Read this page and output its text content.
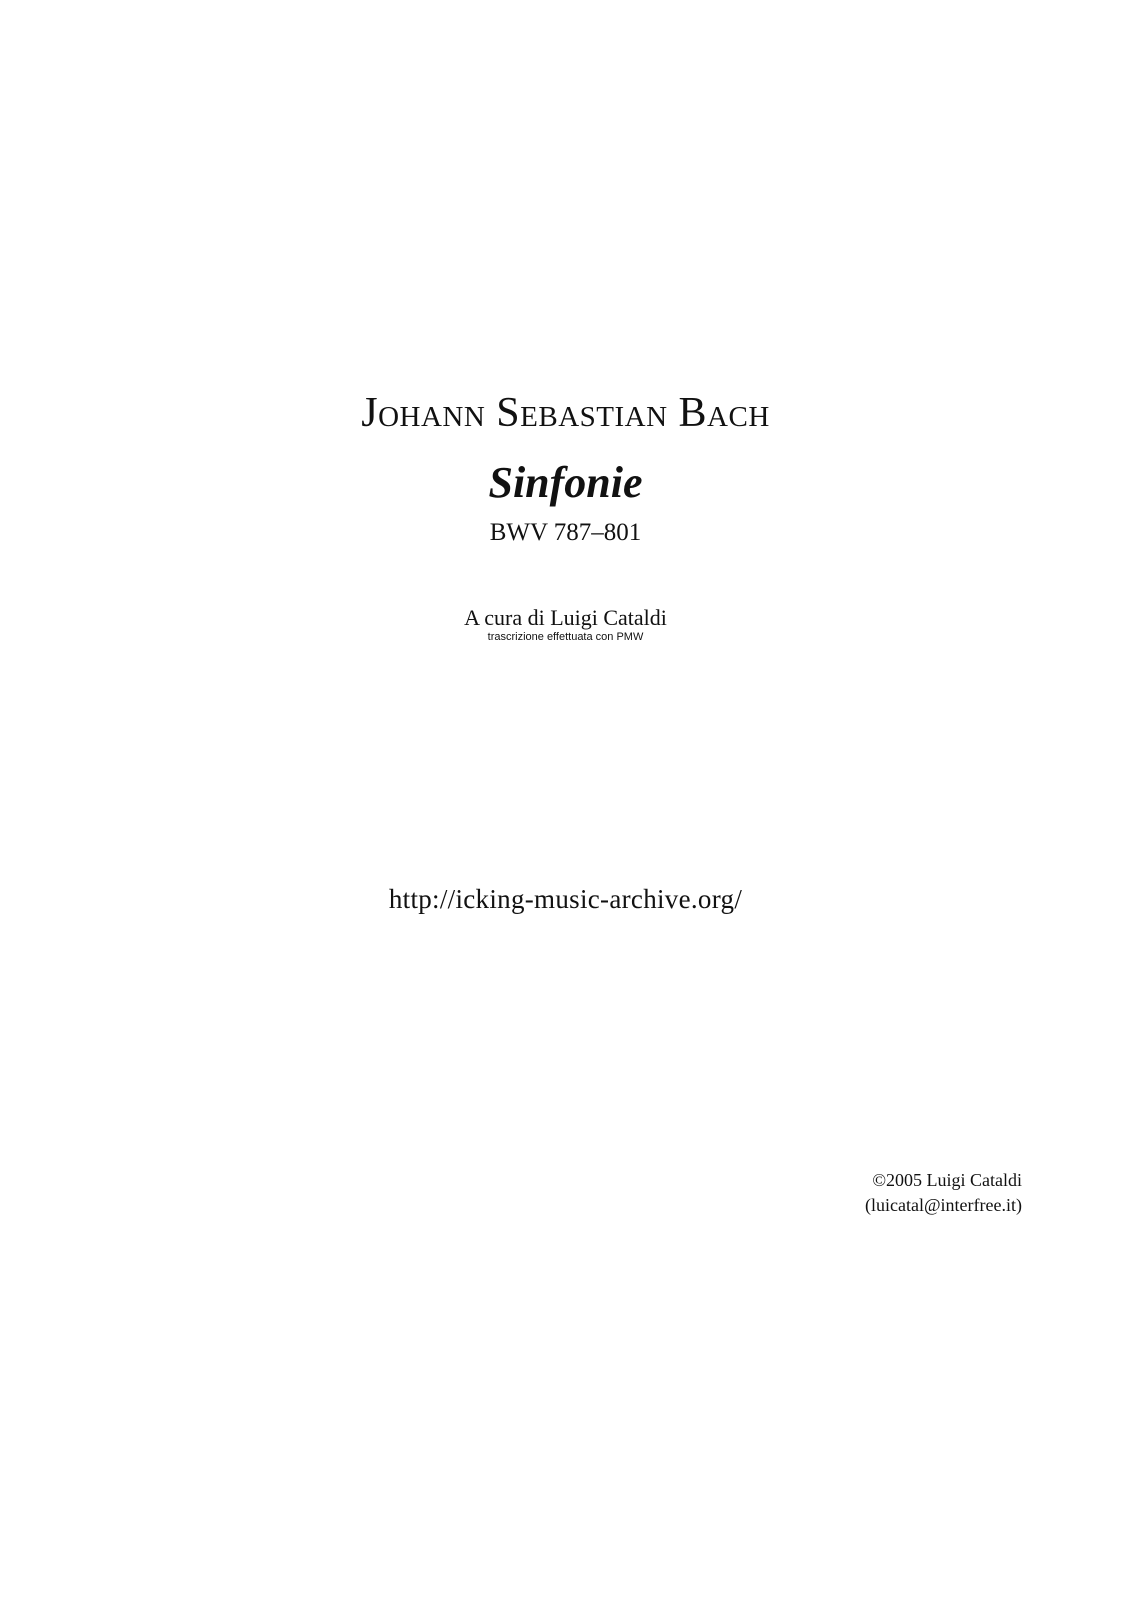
Johann Sebastian Bach
Sinfonie
BWV 787–801
A cura di Luigi Cataldi
trascrizione effettuata con PMW
http://icking-music-archive.org/
©2005 Luigi Cataldi
(luicatal@interfree.it)
